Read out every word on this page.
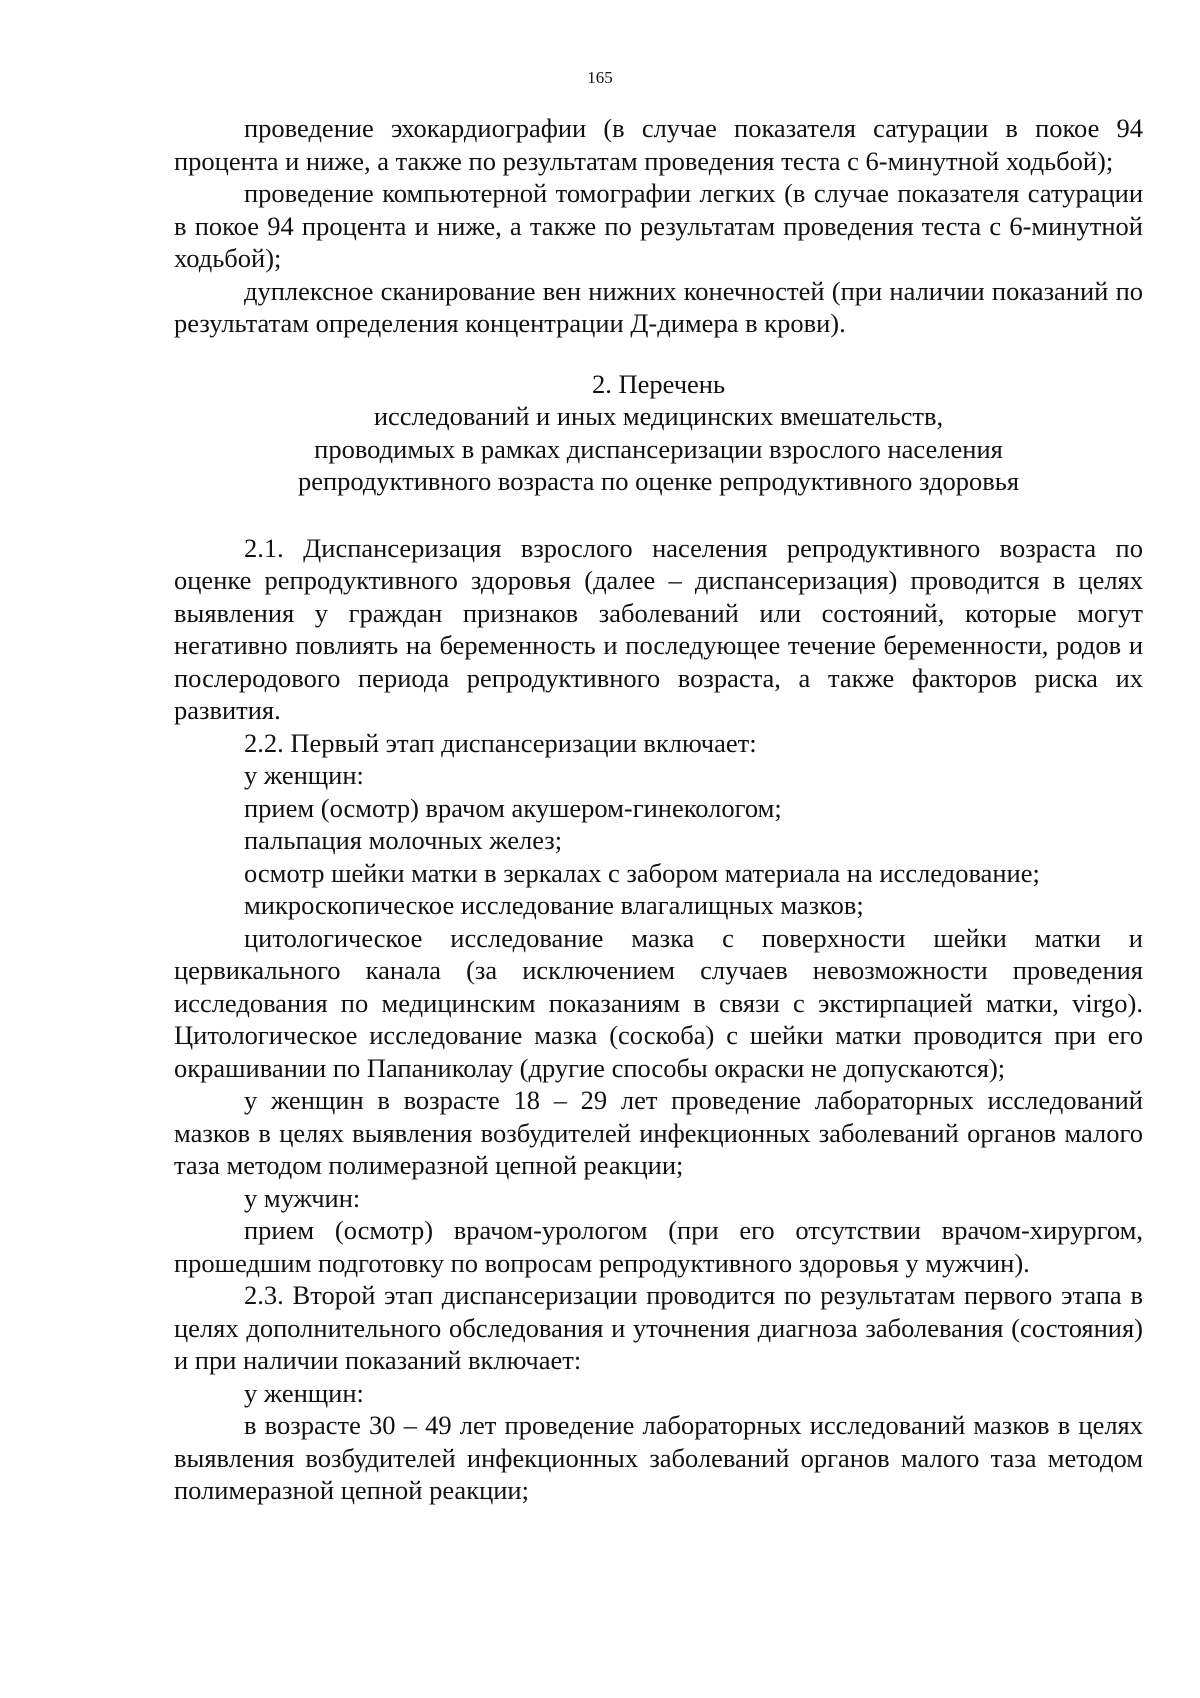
165

проведение эхокардиографии (в случае показателя сатурации в покое 94 процента и ниже, а также по результатам проведения теста с 6-минутной ходьбой);

проведение компьютерной томографии легких (в случае показателя сатурации в покое 94 процента и ниже, а также по результатам проведения теста с 6-минутной ходьбой);

дуплексное сканирование вен нижних конечностей (при наличии показаний по результатам определения концентрации Д-димера в крови).

2. Перечень
исследований и иных медицинских вмешательств,
проводимых в рамках диспансеризации взрослого населения
репродуктивного возраста по оценке репродуктивного здоровья

2.1. Диспансеризация взрослого населения репродуктивного возраста по оценке репродуктивного здоровья (далее – диспансеризация) проводится в целях выявления у граждан признаков заболеваний или состояний, которые могут негативно повлиять на беременность и последующее течение беременности, родов и послеродового периода репродуктивного возраста, а также факторов риска их развития.

2.2. Первый этап диспансеризации включает:

у женщин:

прием (осмотр) врачом акушером-гинекологом;

пальпация молочных желез;

осмотр шейки матки в зеркалах с забором материала на исследование;

микроскопическое исследование влагалищных мазков;

цитологическое исследование мазка с поверхности шейки матки и цервикального канала (за исключением случаев невозможности проведения исследования по медицинским показаниям в связи с экстирпацией матки, virgo). Цитологическое исследование мазка (соскоба) с шейки матки проводится при его окрашивании по Папаниколау (другие способы окраски не допускаются);

у женщин в возрасте 18 – 29 лет проведение лабораторных исследований мазков в целях выявления возбудителей инфекционных заболеваний органов малого таза методом полимеразной цепной реакции;

у мужчин:

прием (осмотр) врачом-урологом (при его отсутствии врачом-хирургом, прошедшим подготовку по вопросам репродуктивного здоровья у мужчин).

2.3. Второй этап диспансеризации проводится по результатам первого этапа в целях дополнительного обследования и уточнения диагноза заболевания (состояния) и при наличии показаний включает:

у женщин:

в возрасте 30 – 49 лет проведение лабораторных исследований мазков в целях выявления возбудителей инфекционных заболеваний органов малого таза методом полимеразной цепной реакции;
